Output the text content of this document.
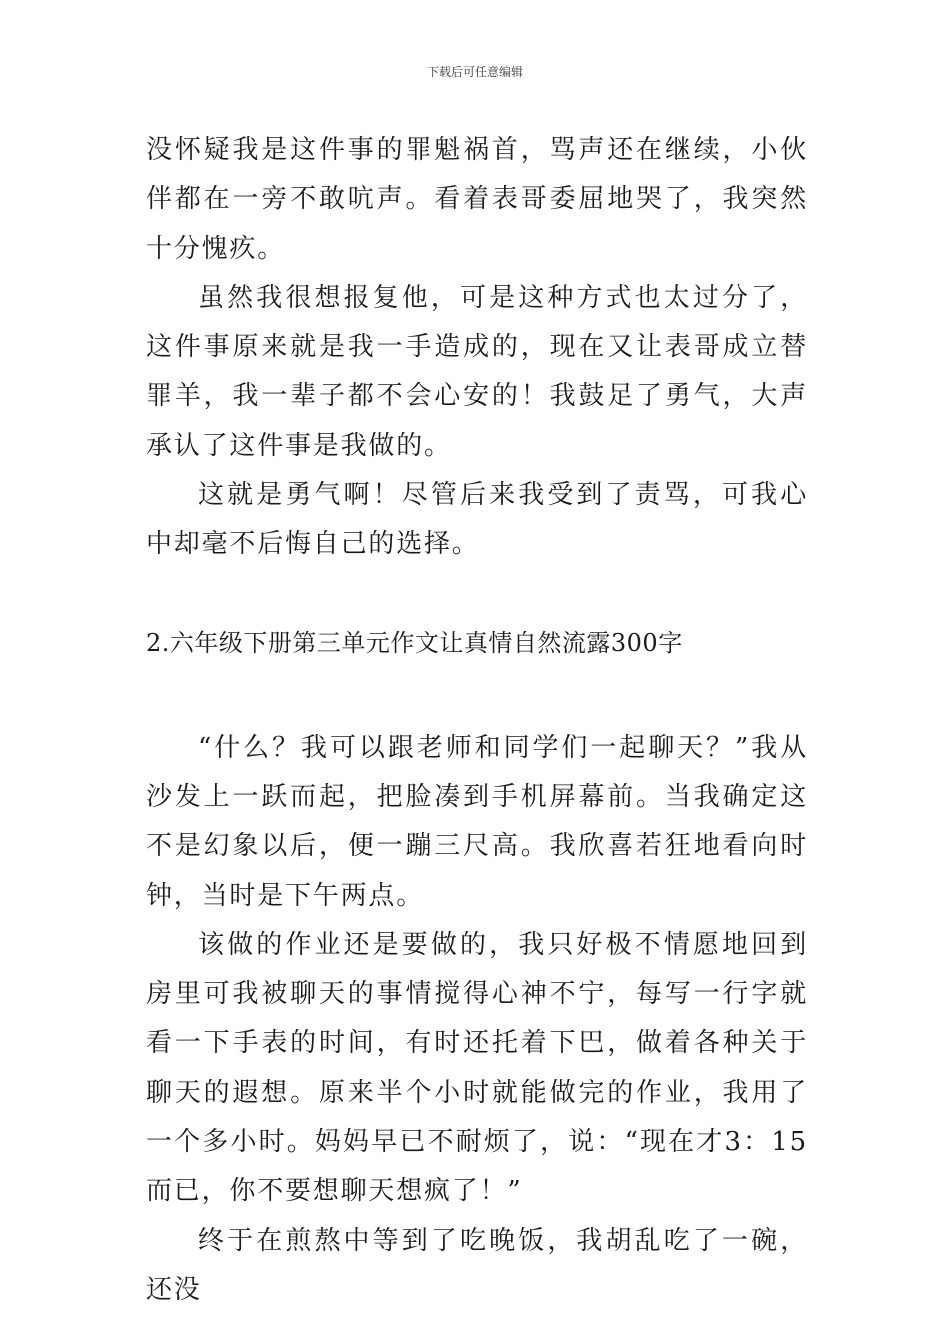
下载后可任意编辑

没怀疑我是这件事的罪魁祸首，骂声还在继续，小伙伴都在一旁不敢吭声。看着表哥委屈地哭了，我突然十分愧疚。

虽然我很想报复他，可是这种方式也太过分了，这件事原来就是我一手造成的，现在又让表哥成立替罪羊，我一辈子都不会心安的！我鼓足了勇气，大声承认了这件事是我做的。

这就是勇气啊！尽管后来我受到了责骂，可我心中却毫不后悔自己的选择。

2.六年级下册第三单元作文让真情自然流露300字

“什么？我可以跟老师和同学们一起聊天？”我从沙发上一跃而起，把脸凑到手机屏幕前。当我确定这不是幻象以后，便一蹦三尺高。我欣喜若狂地看向时钟，当时是下午两点。

该做的作业还是要做的，我只好极不情愿地回到房里可我被聊天的事情搅得心神不宁，每写一行字就看一下手表的时间，有时还托着下巴，做着各种关于聊天的遐想。原来半个小时就能做完的作业，我用了一个多小时。妈妈早已不耐烦了，说：“现在才3：15而已，你不要想聊天想疯了！”

终于在煎熬中等到了吃晚饭，我胡乱吃了一碗，还没
